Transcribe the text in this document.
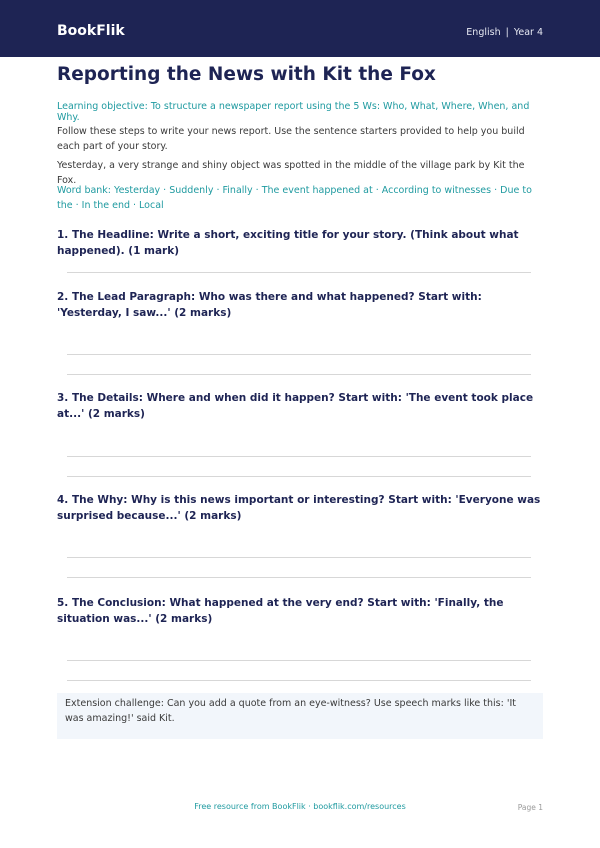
BookFlik	English | Year 4
Reporting the News with Kit the Fox
Learning objective: To structure a newspaper report using the 5 Ws: Who, What, Where, When, and Why.
Follow these steps to write your news report. Use the sentence starters provided to help you build each part of your story.
Yesterday, a very strange and shiny object was spotted in the middle of the village park by Kit the Fox.
Word bank: Yesterday · Suddenly · Finally · The event happened at · According to witnesses · Due to the · In the end · Local
1. The Headline: Write a short, exciting title for your story. (Think about what happened). (1 mark)
2. The Lead Paragraph: Who was there and what happened? Start with: 'Yesterday, I saw...' (2 marks)
3. The Details: Where and when did it happen? Start with: 'The event took place at...' (2 marks)
4. The Why: Why is this news important or interesting? Start with: 'Everyone was surprised because...' (2 marks)
5. The Conclusion: What happened at the very end? Start with: 'Finally, the situation was...' (2 marks)
Extension challenge: Can you add a quote from an eye-witness? Use speech marks like this: 'It was amazing!' said Kit.
Free resource from BookFlik · bookflik.com/resources	Page 1
